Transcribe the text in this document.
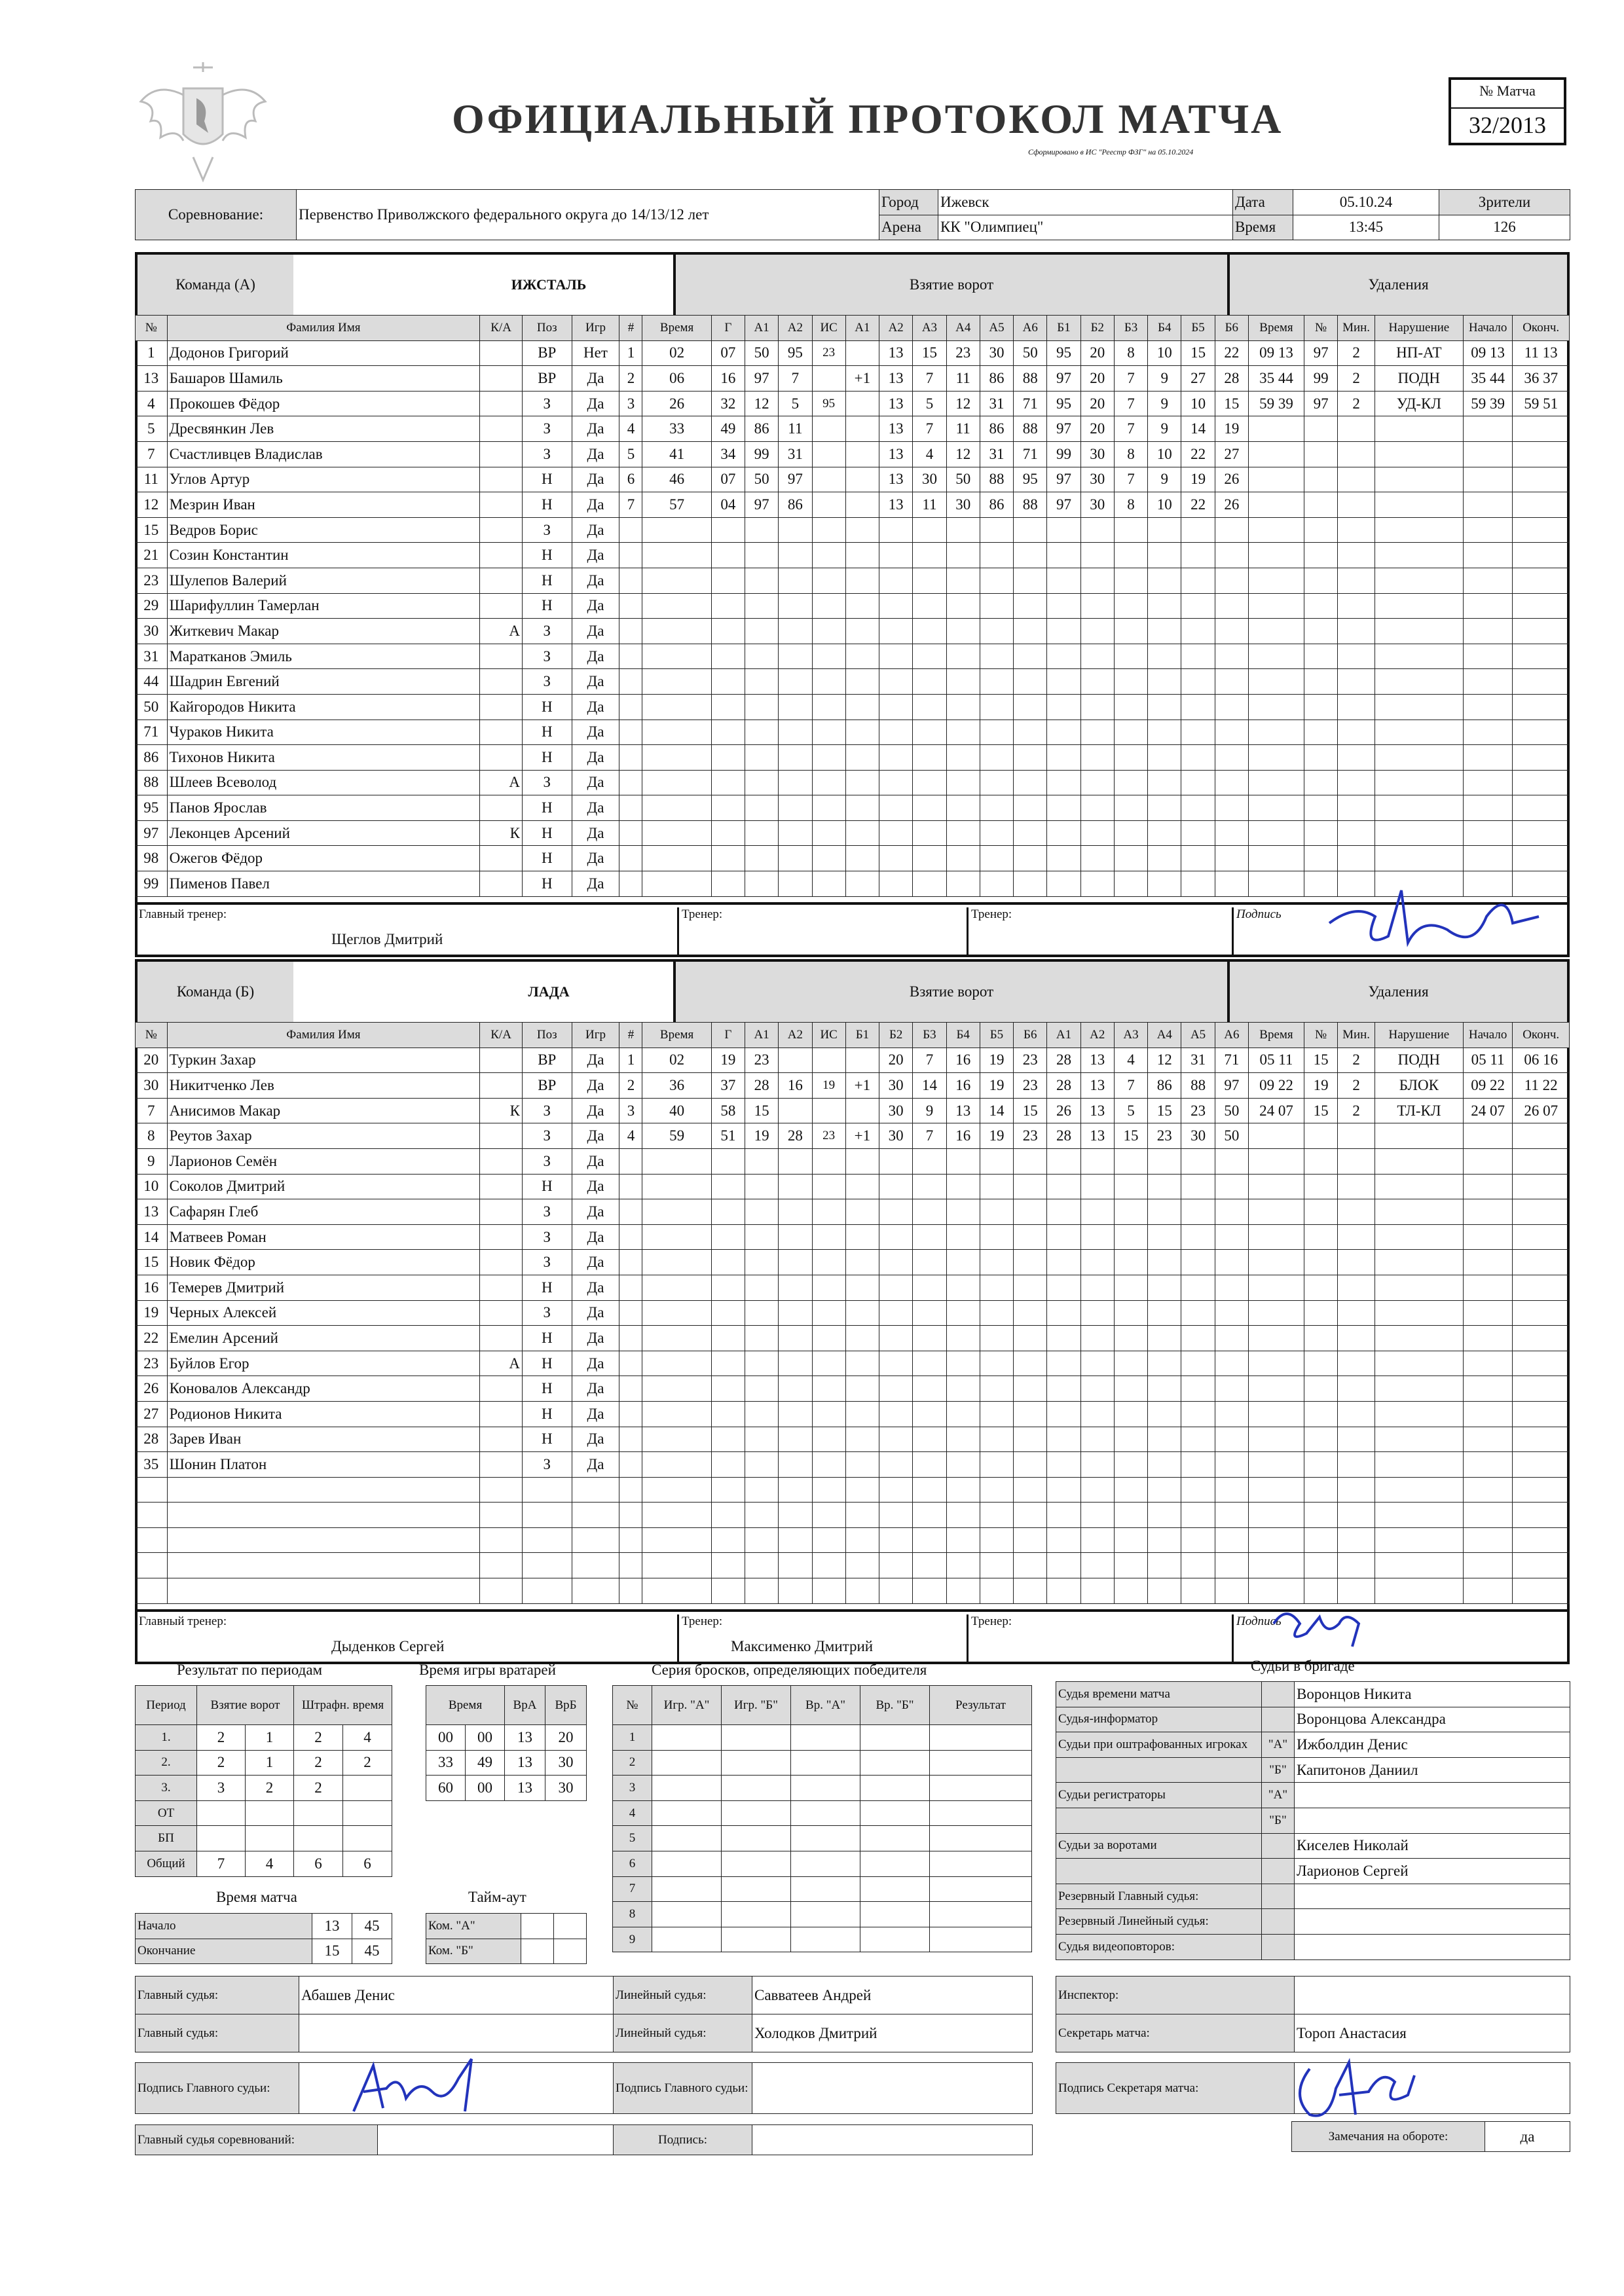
ОФИЦИАЛЬНЫЙ ПРОТОКОЛ МАТЧА
Сформировано в ИС "Реестр ФЗГ" на 05.10.2024
№ Матча
32/2013
Соревнование:	Первенство Приволжского федерального округа до 14/13/12 лет	Город	Ижевск	Дата	05.10.24	Зрители
		Арена	КК "Олимпиец"	Время	13:45	126
Команда (А)	ИЖСТАЛЬ	Взятие ворот	Удаления
№	Фамилия Имя	К/А	Поз	Игр	#	Время	Г	А1	А2	ИС	А1	А2	А3	А4	А5	А6	Б1	Б2	Б3	Б4	Б5	Б6	Время	№	Мин.	Нарушение	Начало	Оконч.
1	Додонов Григорий		ВР	Нет	1	02	07	50	95	23		13	15	23	30	50	95	20	8	10	15	22	09 13	97	2	НП-АТ	09 13	11 13
13	Башаров Шамиль		ВР	Да	2	06	16	97	7		+1	13	7	11	86	88	97	20	7	9	27	28	35 44	99	2	ПОДН	35 44	36 37
4	Прокошев Фёдор		З	Да	3	26	32	12	5	95		13	5	12	31	71	95	20	7	9	10	15	59 39	97	2	УД-КЛ	59 39	59 51
5	Дресвянкин Лев		З	Да	4	33	49	86	11			13	7	11	86	88	97	20	7	9	14	19						
7	Счастливцев Владислав		З	Да	5	41	34	99	31			13	4	12	31	71	99	30	8	10	22	27						
11	Углов Артур		Н	Да	6	46	07	50	97			13	30	50	88	95	97	30	7	9	19	26						
12	Мезрин Иван		Н	Да	7	57	04	97	86			13	11	30	86	88	97	30	8	10	22	26						
15	Ведров Борис		З	Да																								
21	Созин Константин		Н	Да																								
23	Шулепов Валерий		Н	Да																								
29	Шарифуллин Тамерлан		Н	Да																								
30	Житкевич Макар	А	З	Да																								
31	Маратканов Эмиль		З	Да																								
44	Шадрин Евгений		З	Да																								
50	Кайгородов Никита		Н	Да																								
71	Чураков Никита		Н	Да																								
86	Тихонов Никита		Н	Да																								
88	Шлеев Всеволод	А	З	Да																								
95	Панов Ярослав		Н	Да																								
97	Леконцев Арсений	К	Н	Да																								
98	Ожегов Фёдор		Н	Да																								
99	Пименов Павел		Н	Да																								
Главный тренер:
Щеглов Дмитрий
Тренер:	Тренер:	Подпись
Команда (Б)	ЛАДА	Взятие ворот	Удаления
№	Фамилия Имя	К/А	Поз	Игр	#	Время	Г	А1	А2	ИС	Б1	Б2	Б3	Б4	Б5	Б6	А1	А2	А3	А4	А5	А6	Время	№	Мин.	Нарушение	Начало	Оконч.
20	Туркин Захар		ВР	Да	1	02	19	23				20	7	16	19	23	28	13	4	12	31	71	05 11	15	2	ПОДН	05 11	06 16
30	Никитченко Лев		ВР	Да	2	36	37	28	16	19	+1	30	14	16	19	23	28	13	7	86	88	97	09 22	19	2	БЛОК	09 22	11 22
7	Анисимов Макар	К	З	Да	3	40	58	15				30	9	13	14	15	26	13	5	15	23	50	24 07	15	2	ТЛ-КЛ	24 07	26 07
8	Реутов Захар		З	Да	4	59	51	19	28	23	+1	30	7	16	19	23	28	13	15	23	30	50						
9	Ларионов Семён		З	Да																								
10	Соколов Дмитрий		Н	Да																								
13	Сафарян Глеб		З	Да																								
14	Матвеев Роман		З	Да																								
15	Новик Фёдор		З	Да																								
16	Темерев Дмитрий		Н	Да																								
19	Черных Алексей		З	Да																								
22	Емелин Арсений		Н	Да																								
23	Буйлов Егор	А	Н	Да																								
26	Коновалов Александр		Н	Да																								
27	Родионов Никита		Н	Да																								
28	Зарев Иван		Н	Да																								
35	Шонин Платон		З	Да																								

Главный тренер:
Дыденков Сергей
Тренер:
Максименко Дмитрий
Тренер:	Подпись
Результат по периодам
Период	Взятие ворот		Штрафн. время	
1.	2	1	2	4
2.	2	1	2	2
3.	3	2	2	
ОТ				
БП				
Общий	7	4	6	6
Время игры вратарей
Время		ВрА	ВрБ
00	00	13	20
33	49	13	30
60	00	13	30
Время матча
Начало	13	45
Окончание	15	45
Тайм-аут
Ком. "А"		
Ком. "Б"		
Серия бросков, определяющих победителя
№	Игр. "А"	Игр. "Б"	Вр. "А"	Вр. "Б"	Результат
1					
2					
3					
4					
5					
6					
7					
8					
9					
Судьи в бригаде
Судья времени матча		Воронцов Никита
Судья-информатор		Воронцова Александра
Судьи при оштрафованных игроках	"А"	Ижболдин Денис
	"Б"	Капитонов Даниил
Судьи регистраторы	"А"	
	"Б"	
Судьи за воротами		Киселев Николай
		Ларионов Сергей
Резервный Главный судья:		
Резервный Линейный судья:		
Судья видеоповторов:		
Главный судья:	Абашев Денис	Линейный судья:	Савватеев Андрей
Главный судья:		Линейный судья:	Холодков Дмитрий
Инспектор:	
Секретарь матча:	Тороп Анастасия
Подпись Главного судьи:		Подпись Главного судьи:		Подпись Секретаря матча:	
Главный судья соревнований:		Подпись:		Замечания на обороте:	да
